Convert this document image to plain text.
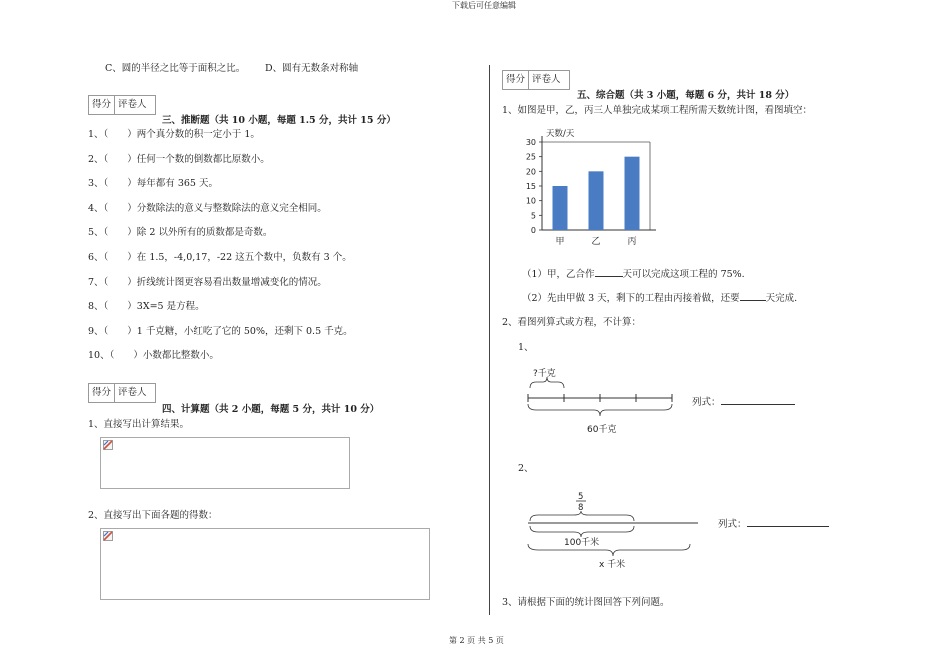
下载后可任意编辑
第 2 页 共 5 页
C、圆的半径之比等于面积之比。 D、圆有无数条对称轴
得分 评卷人
三、推断题（共 10 小题，每题 1.5 分，共计 15 分）
1、（　　）两个真分数的积一定小于 1。
2、（　　）任何一个数的倒数都比原数小。
3、（　　）每年都有 365 天。
4、（　　）分数除法的意义与整数除法的意义完全相同。
5、（　　）除 2 以外所有的质数都是奇数。
6、（　　）在 1.5，-4,0,17，-22 这五个数中，负数有 3 个。
7、（　　）折线统计图更容易看出数量增减变化的情况。
8、（　　）3X=5 是方程。
9、（　　）1 千克糖，小红吃了它的 50%，还剩下 0.5 千克。
10、（　　）小数都比整数小。
得分 评卷人
四、计算题（共 2 小题，每题 5 分，共计 10 分）
1、直接写出计算结果。
2、直接写出下面各题的得数：
得分 评卷人
五、综合题（共 3 小题，每题 6 分，共计 18 分）
1、如图是甲，乙，丙三人单独完成某项工程所需天数统计图，看图填空：
天数/天
0
5
10
15
20
25
30
甲	乙	丙
（1）甲，乙合作	天可以完成这项工程的 75%.
（2）先由甲做 3 天，剩下的工程由丙接着做，还要	天完成.
2、看图列算式或方程，不计算：
1、
?千克
60千克
列式：
2、
5
8
100千米
x 千米
列式：
3、请根据下面的统计图回答下列问题。
